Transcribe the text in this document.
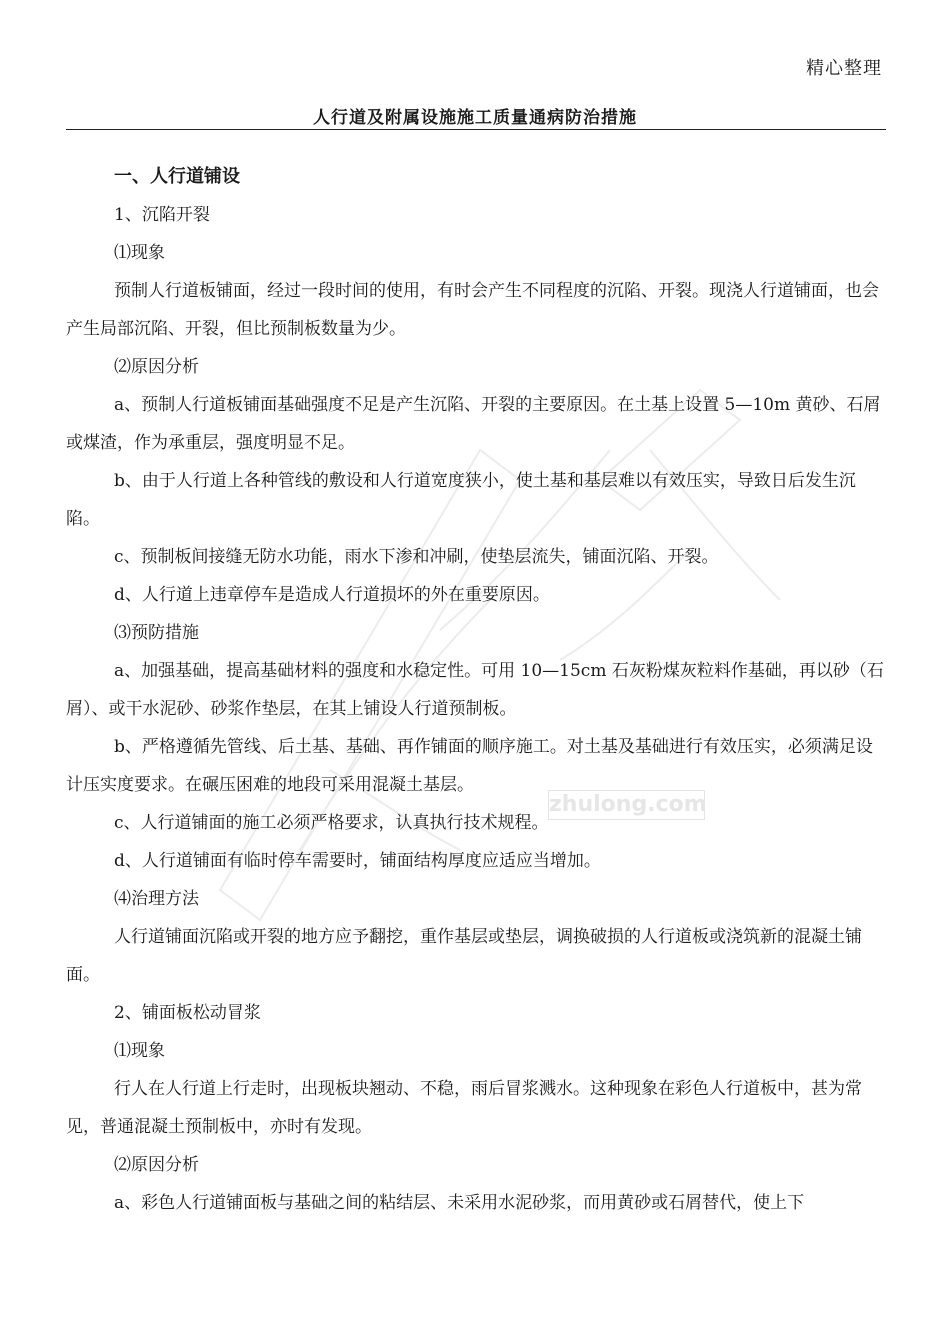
精心整理
人行道及附属设施施工质量通病防治措施
zhulong.com

一、人行道铺设

1、沉陷开裂

⑴现象

预制人行道板铺面，经过一段时间的使用，有时会产生不同程度的沉陷、开裂。现浇人行道铺面，也会产生局部沉陷、开裂，但比预制板数量为少。

⑵原因分析

a、预制人行道板铺面基础强度不足是产生沉陷、开裂的主要原因。在土基上设置 5—10m 黄砂、石屑或煤渣，作为承重层，强度明显不足。

b、由于人行道上各种管线的敷设和人行道宽度狭小，使土基和基层难以有效压实，导致日后发生沉陷。

c、预制板间接缝无防水功能，雨水下渗和冲刷，使垫层流失，铺面沉陷、开裂。

d、人行道上违章停车是造成人行道损坏的外在重要原因。

⑶预防措施

a、加强基础，提高基础材料的强度和水稳定性。可用 10—15cm 石灰粉煤灰粒料作基础，再以砂（石屑）、或干水泥砂、砂浆作垫层，在其上铺设人行道预制板。

b、严格遵循先管线、后土基、基础、再作铺面的顺序施工。对土基及基础进行有效压实，必须满足设计压实度要求。在碾压困难的地段可采用混凝土基层。

c、人行道铺面的施工必须严格要求，认真执行技术规程。

d、人行道铺面有临时停车需要时，铺面结构厚度应适应当增加。

⑷治理方法

人行道铺面沉陷或开裂的地方应予翻挖，重作基层或垫层，调换破损的人行道板或浇筑新的混凝土铺面。

2、铺面板松动冒浆

⑴现象

行人在人行道上行走时，出现板块翘动、不稳，雨后冒浆溅水。这种现象在彩色人行道板中，甚为常见，普通混凝土预制板中，亦时有发现。

⑵原因分析

a、彩色人行道铺面板与基础之间的粘结层、未采用水泥砂浆，而用黄砂或石屑替代，使上下
